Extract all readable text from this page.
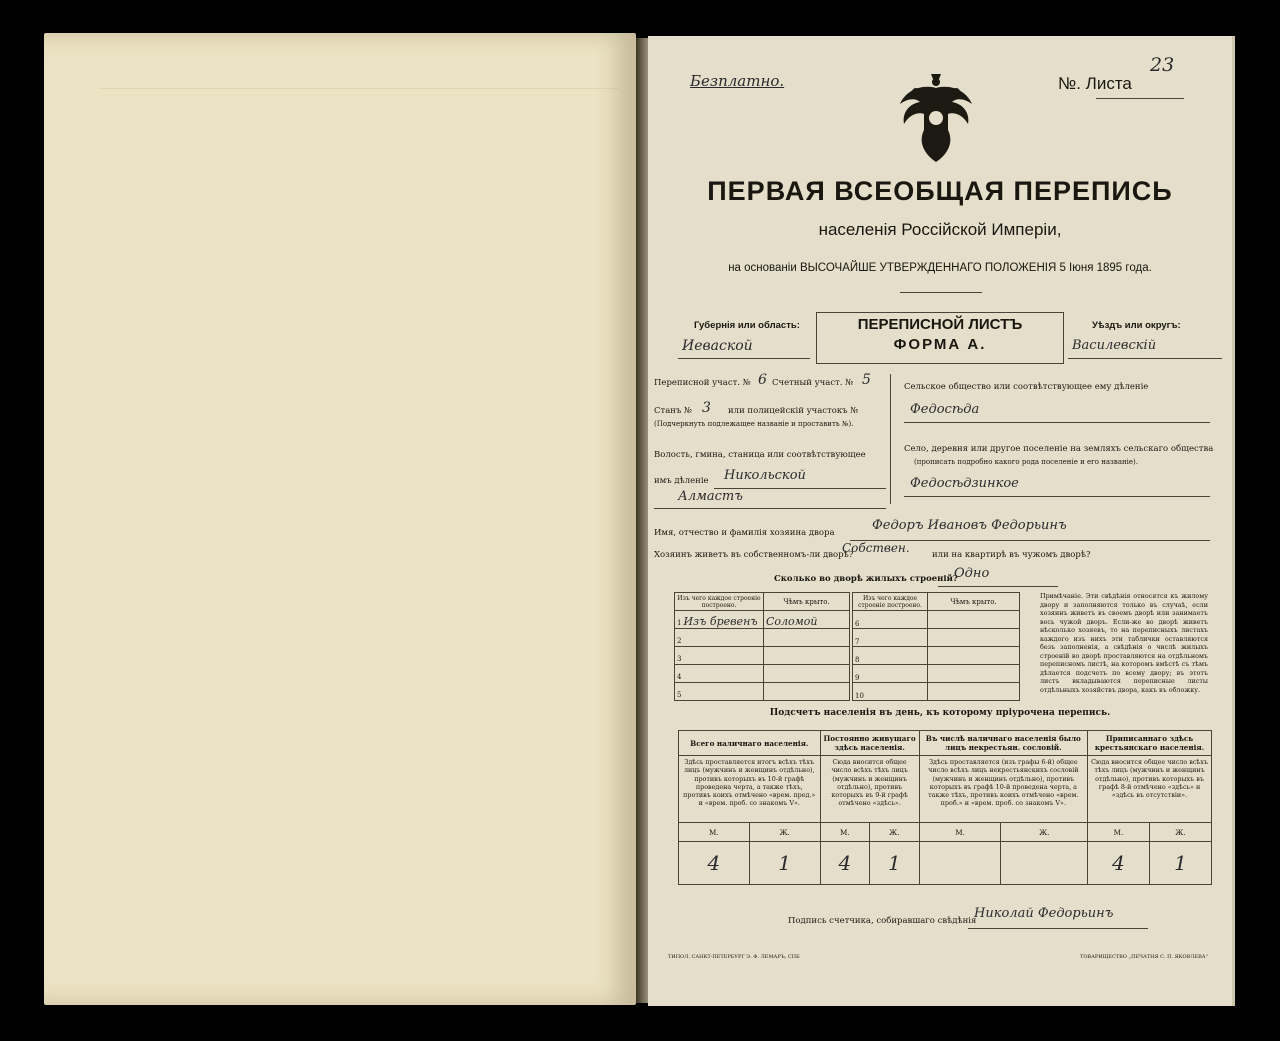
Безплатно.	№. Листа
23
ПЕРВАЯ ВСЕОБЩАЯ ПЕРЕПИСЬ
населенія Россійской Имперіи,
на основаніи ВЫСОЧАЙШЕ УТВЕРЖДЕННАГО ПОЛОЖЕНІЯ 5 Іюня 1895 года.
Губернія или область:
Иеваской
ПЕРЕПИСНОЙ ЛИСТЪ
ФОРМА А.
Уѣздъ или округъ:
Василевскій
Переписной участ. № 6 Счетный участ. № 5
Станъ № 3 или полицейскій участокъ №
(Подчеркнуть подлежащее названіе и проставить №).
Волость, гмина, станица или соотвѣтствующее
имъ дѣленіе Никольской
Алмастъ
Сельское общество или соотвѣтствующее ему дѣленіе
Федосѣда
Село, деревня или другое поселеніе на земляхъ сельскаго общества
(прописать подробно какого рода поселеніе и его названіе).
Федосѣдзинкое
Имя, отчество и фамилія хозяина двора	Федоръ Ивановъ Федорьинъ
Хозяинъ живетъ въ собственномъ-ли дворѣ?
Собствен.	или на квартирѣ въ чужомъ дворѣ?
Сколько во дворѣ жилыхъ строеній?
Одно
Изъ чего каждое строеніе построено.	Чѣмъ крыто.
1 Изъ бревенъ	Соломой
2	
3	
4	
5	
Изъ чего каждое строеніе построено.	Чѣмъ крыто.
6	
7	
8	
9	
10	
Примѣчаніе. Эти свѣдѣнія относятся къ жилому двору и заполняются только въ случаѣ, если хозяинъ живетъ въ своемъ дворѣ или занимаетъ весь чужой дворъ. Если-же во дворѣ живетъ нѣсколько хозяевъ, то на переписныхъ листахъ каждого изъ нихъ эти таблички оставляются безъ заполненія, а свѣдѣнія о числѣ жилыхъ строеній во дворѣ проставляются на отдѣльномъ переписномъ листѣ, на которомъ вмѣстѣ съ тѣмъ дѣлается подсчетъ по всему двору; въ этотъ листъ вкладываются переписные листы отдѣльныхъ хозяйствъ двора, какъ въ обложку.
Подсчетъ населенія въ день, къ которому пріурочена перепись.
Всего наличнаго населенія.		Постоянно живущаго здѣсь населенія.		Въ числѣ наличнаго населенія было лицъ некрестьян. сословій.		Приписаннаго здѣсь крестьянскаго населенія.	
Здѣсь проставляется итогъ всѣхъ тѣхъ лицъ (мужчинъ и женщинъ отдѣльно), противъ которыхъ въ 10-й графѣ проведена черта, а также тѣхъ, противъ коихъ отмѣчено «врем. пред.» и «врем. проб. со знакомъ V».		Сюда вносится общее число всѣхъ тѣхъ лицъ (мужчинъ и женщинъ отдѣльно), противъ которыхъ въ 9-й графѣ отмѣчено «здѣсь».		Здѣсь проставляется (изъ графы 6-й) общее число всѣхъ лицъ некрестьянскихъ сословій (мужчинъ и женщинъ отдѣльно), противъ которыхъ въ графѣ 10-й проведена черта, а также тѣхъ, противъ коихъ отмѣчено «врем. проб.» и «врем. проб. со знакомъ V».		Сюда вносится общее число всѣхъ тѣхъ лицъ (мужчинъ и женщинъ отдѣльно), противъ которыхъ въ графѣ 8-й отмѣчено «здѣсь» и «здѣсь въ отсутствіи».	
М.	Ж.	М.	Ж.	М.	Ж.	М.	Ж.
4	1	4	1			4	1
Подпись счетчика, собиравшаго свѣдѣнія
Николай Федорьинъ
ТИПОЛ. САНКТ-ПЕТЕРБУРГ Э. Ф. ЛЕМАРЪ, СПБ	ТОВАРИЩЕСТВО „ПЕЧАТНЯ С. П. ЯКОВЛЕВА“
